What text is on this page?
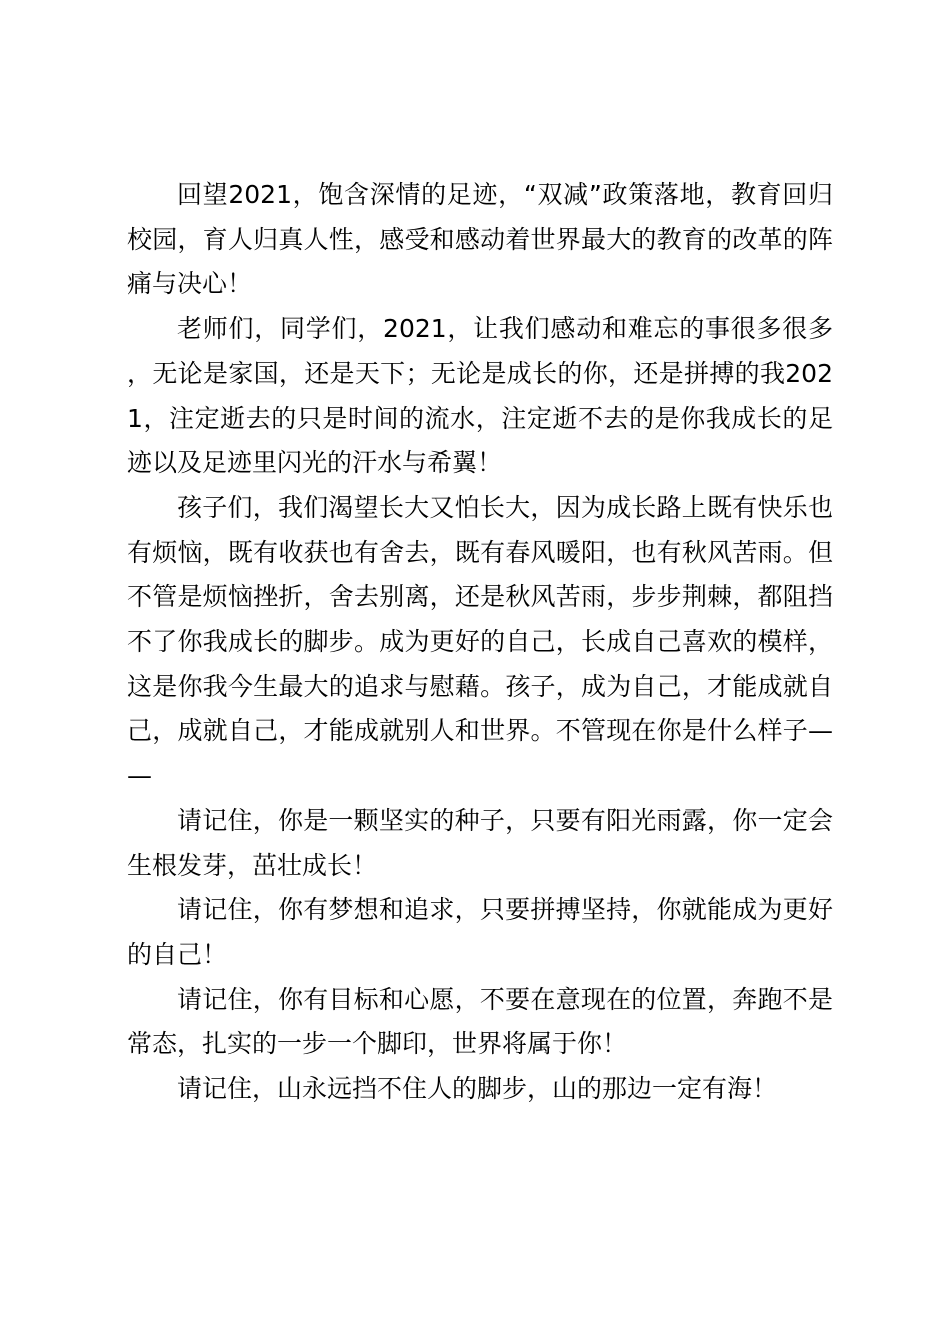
回望2021，饱含深情的足迹，“双减”政策落地，教育回归校园，育人归真人性，感受和感动着世界最大的教育的改革的阵痛与决心！

老师们，同学们，2021，让我们感动和难忘的事很多很多，无论是家国，还是天下；无论是成长的你，还是拼搏的我2021，注定逝去的只是时间的流水，注定逝不去的是你我成长的足迹以及足迹里闪光的汗水与希翼！

孩子们，我们渴望长大又怕长大，因为成长路上既有快乐也有烦恼，既有收获也有舍去，既有春风暖阳，也有秋风苦雨。但不管是烦恼挫折，舍去别离，还是秋风苦雨，步步荆棘，都阻挡不了你我成长的脚步。成为更好的自己，长成自己喜欢的模样，这是你我今生最大的追求与慰藉。孩子，成为自己，才能成就自己，成就自己，才能成就别人和世界。不管现在你是什么样子——

请记住，你是一颗坚实的种子，只要有阳光雨露，你一定会生根发芽，茁壮成长！

请记住，你有梦想和追求，只要拼搏坚持，你就能成为更好的自己！

请记住，你有目标和心愿，不要在意现在的位置，奔跑不是常态，扎实的一步一个脚印，世界将属于你！

请记住，山永远挡不住人的脚步，山的那边一定有海！
